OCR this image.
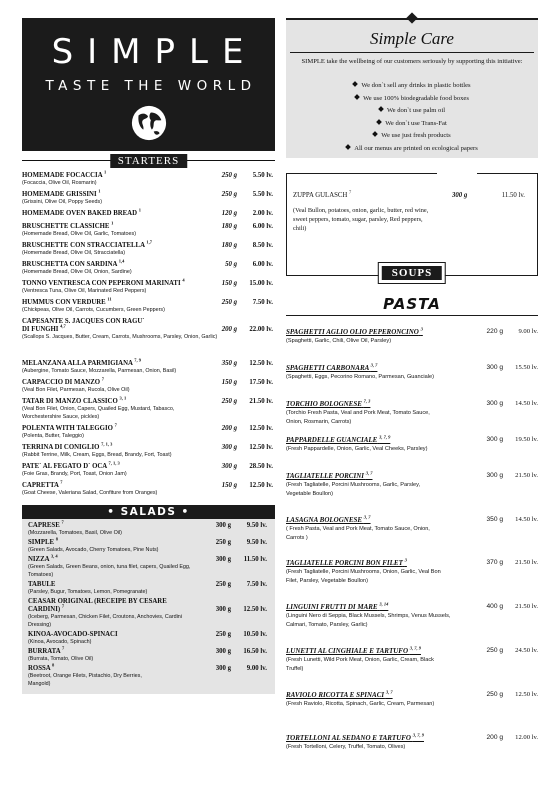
SIMPLE
TASTE THE WORLD
STARTERS
HOMEMADE FOCACCIA $^1$
(Focaccia, Olive Oil, Rosmarin)
250 g 5.50 lv.
HOMEMADE GRISSINI $^1$
(Grissini, Olive Oil, Poppy Seeds)
250 g 5.50 lv.
HOMEMADE OVEN BAKED BREAD $^1$	120 g 2.00 lv.
BRUSCHETTE CLASSICHE $^1$
(Homemade Bread, Olive Oil, Garlic, Tomatoes)
180 g 6.00 lv.
BRUSCHETTE CON STRACCIATELLA $^{1,7}$
(Homemade Bread, Olive Oil, Stracciatella)
180 g 8.50 lv.
BRUSCHETTA CON SARDINA $^{1,4}$
(Homemade Bread, Olive Oil, Onion, Sardine)
50 g 6.00 lv.
TONNO VENTRESCA CON PEPERONI MARINATI $^4$
(Ventresca Tuna, Olive Oil, Marinated Red Peppers)
150 g 15.00 lv.
HUMMUS CON VERDURE $^{11}$
(Chickpeas, Olive Oil, Carrots, Cucumbers, Green Peppers)
250 g 7.50 lv.
CAPESANTE S. JACQUES CON RAGU` DI FUNGHI $^{4,7}$
(Scallops S. Jacques, Butter, Cream, Carrots, Mushrooms, Parsley, Onion, Garlic)
200 g 22.00 lv.
MELANZANA ALLA PARMIGIANA $^{7, 9}$
(Aubergine, Tomato Sauce, Mozzarella, Parmesan, Onion, Basil)
350 g 12.50 lv.
CARPACCIO DI MANZO $^7$
(Veal Bon Filet, Parmesan, Rucola, Olive Oil)
150 g 17.50 lv.
TATAR DI MANZO CLASSICO $^{3, 1}$
(Veal Bon Filet, Onion, Capers, Quailed Egg, Mustard, Tabasco, Worchestershire Sauce, pickles)
250 g 21.50 lv.
POLENTA WITH TALEGGIO $^7$
(Polenta, Butter, Taleggio)
200 g 12.50 lv.
TERRINA DI CONIGLIO $^{7, 1, 3}$
(Rabbit Terrine, Milk, Cream, Eggs, Bread, Brandy, Fort, Toast)
300 g 12.50 lv.
PATE` AL FEGATO D` OCA $^{7, 1, 3}$
(Foie Gras, Brandy, Port, Toast, Onion Jam)
300 g 28.50 lv.
CAPRETTA $^7$
(Goat Cheese, Valeriana Salad, Confiture from Oranges)
150 g 12.50 lv.
• SALADS •
CAPRESE $^7$
(Mozzarella, Tomatoes, Basil, Olive Oil)
300 g 9.50 lv.
SIMPLE $^8$
(Green Salads, Avocado, Cherry Tomatoes, Pine Nuts)
250 g 9.50 lv.
NIZZA $^{3, 4}$
(Green Salads, Green Beans, onion, tuna filet, capers, Quailed Egg, Tomatoes)
300 g 11.50 lv.
TABULE
(Parsley, Bugur, Tomatoes, Lemon, Pomegranate)
250 g 7.50 lv.
CEASAR ORIGINAL (RECEIPE BY CESARE CARDINI) $^7$
(Iceberg, Parmesan, Chicken Filet, Croutons, Anchovies, Cardini Dressing)
300 g 12.50 lv.
KINOA-AVOCADO-SPINACI
(Kinoa, Avocado, Spinach)
250 g 10.50 lv.
BURRATA $^7$
(Burrata, Tomato, Olive Oil)
300 g 16.50 lv.
ROSSA $^8$
(Beetroot, Orange Filets, Pistachio, Dry Berries, Mangold)
300 g 9.00 lv.
Simple Care
SIMPLE take the wellbeing of our customers seriously by supporting this initiative:
We don`t sell any drinks in plastic bottles
We use 100% biodegradable food boxes
We don`t use palm oil
We don`t use Trans-Fat
We use just fresh products
All our menus are printed on ecological papers
ZUPPA GULASCH $^7$	300 g	11.50 lv.
(Veal Bullon, potatoes, onion, garlic, butter, red wine, sweet peppers, tomato, sugar, parsley, Red peppers, chili)
SOUPS
PASTA
SPAGHETTI AGLIO OLIO PEPERONCINO $^3$
(Spaghetti, Garlic, Chili, Olive Oil, Parsley)
220 g 9.00 lv.
SPAGHETTI CARBONARA $^{3, 7}$
(Spaghetti, Eggs, Pecorino Romano, Parmesan, Guanciale)
300 g 15.50 lv.
TORCHIO BOLOGNESE $^{7, 3}$
(Torchio Fresh Pasta, Veal and Pork Meat, Tomato Sauce, Onion, Rosmarin, Carrots)
300 g 14.50 lv.
PAPPARDELLE GUANCIALE $^{3, 7, 9}$
(Fresh Pappardelle, Onion, Garlic, Veal Cheeks, Parsley)
300 g 19.50 lv.
TAGLIATELLE PORCINI $^{3, 7}$
(Fresh Tagliatelle, Porcini Mushrooms, Garlic, Parsley, Vegetable Boullon)
300 g 21.50 lv.
LASAGNA BOLOGNESE $^{3, 7}$
( Fresh Pasta, Veal and Pork Meat, Tomato Sauce, Onion, Carrots )
350 g 14.50 lv.
TAGLIATELLE PORCINI BON FILET $^3$
(Fresh Tagliatelle, Porcini Mushrooms, Onion, Garlic, Veal Bon Filet, Parsley, Vegetable Boullon)
370 g 21.50 lv.
LINGUINI FRUTTI DI MARE $^{3, 14}$
(Linguini Nero di Seppia, Black Mussels, Shrimps, Venus Mussels, Calmari, Tomato, Parsley, Garlic)
400 g 21.50 lv.
LUNETTI AL CINGHIALE E TARTUFO $^{3, 7, 9}$
(Fresh Lunetti, Wild Pork Meat, Onion, Garlic, Cream, Black Truffel)
250 g 24.50 lv.
RAVIOLO RICOTTA E SPINACI $^{3, 7}$
(Fresh Raviolo, Ricotta, Spinach, Garlic, Cream, Parmesan)
250 g 12.50 lv.
TORTELLONI AL SEDANO E TARTUFO $^{3, 7, 9}$
(Fresh Tortelloni, Celery, Truffel, Tomato, Olives)
200 g 12.00 lv.
